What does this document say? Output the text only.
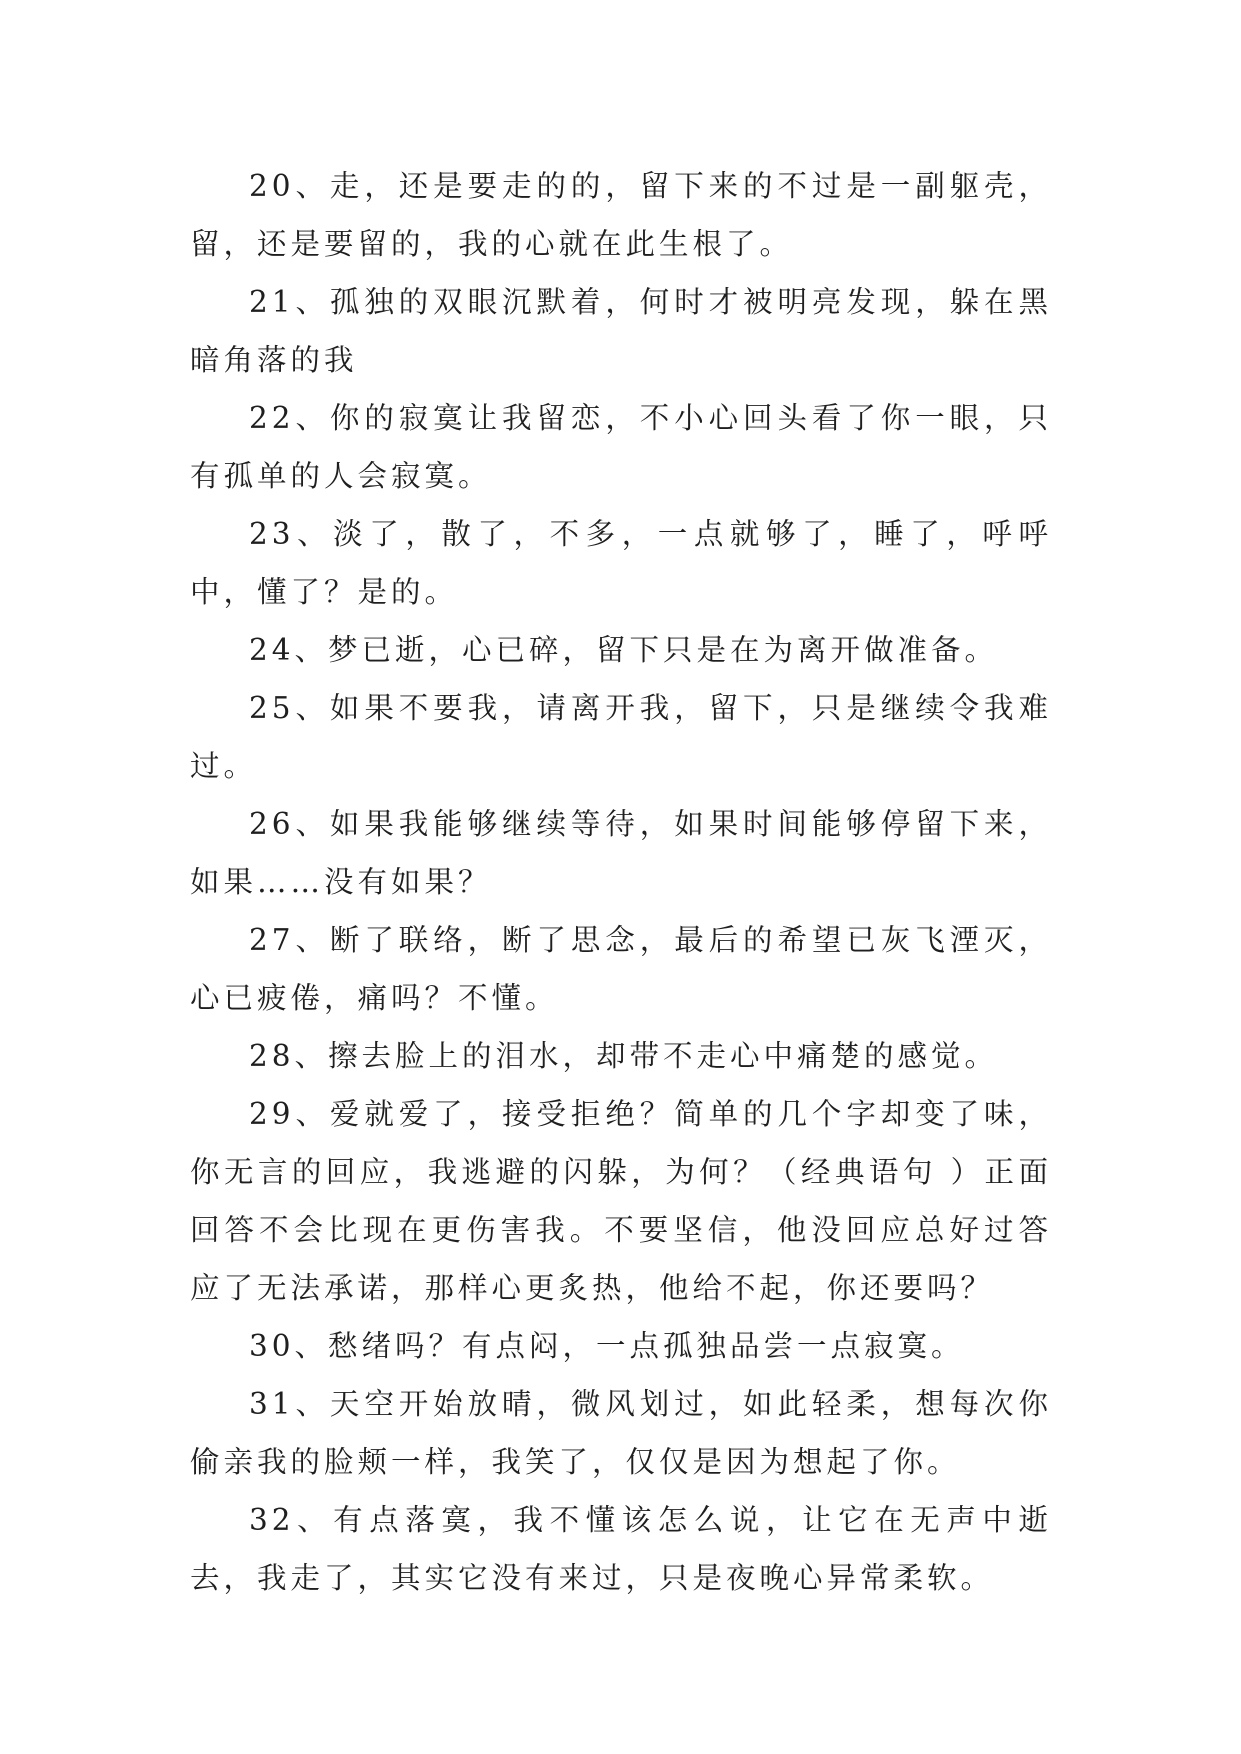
20、走，还是要走的的，留下来的不过是一副躯壳，留，还是要留的，我的心就在此生根了。

21、孤独的双眼沉默着，何时才被明亮发现，躲在黑暗角落的我

22、你的寂寞让我留恋，不小心回头看了你一眼，只有孤单的人会寂寞。

23、淡了，散了，不多，一点就够了，睡了，呼呼中，懂了？是的。

24、梦已逝，心已碎，留下只是在为离开做准备。

25、如果不要我，请离开我，留下，只是继续令我难过。

26、如果我能够继续等待，如果时间能够停留下来，如果……没有如果？

27、断了联络，断了思念，最后的希望已灰飞湮灭，心已疲倦，痛吗？不懂。

28、擦去脸上的泪水，却带不走心中痛楚的感觉。

29、爱就爱了，接受拒绝？简单的几个字却变了味，你无言的回应，我逃避的闪躲，为何？（经典语句 ）正面回答不会比现在更伤害我。不要坚信，他没回应总好过答应了无法承诺，那样心更炙热，他给不起，你还要吗？

30、愁绪吗？有点闷，一点孤独品尝一点寂寞。

31、天空开始放晴，微风划过，如此轻柔，想每次你偷亲我的脸颊一样，我笑了，仅仅是因为想起了你。

32、有点落寞，我不懂该怎么说，让它在无声中逝去，我走了，其实它没有来过，只是夜晚心异常柔软。
